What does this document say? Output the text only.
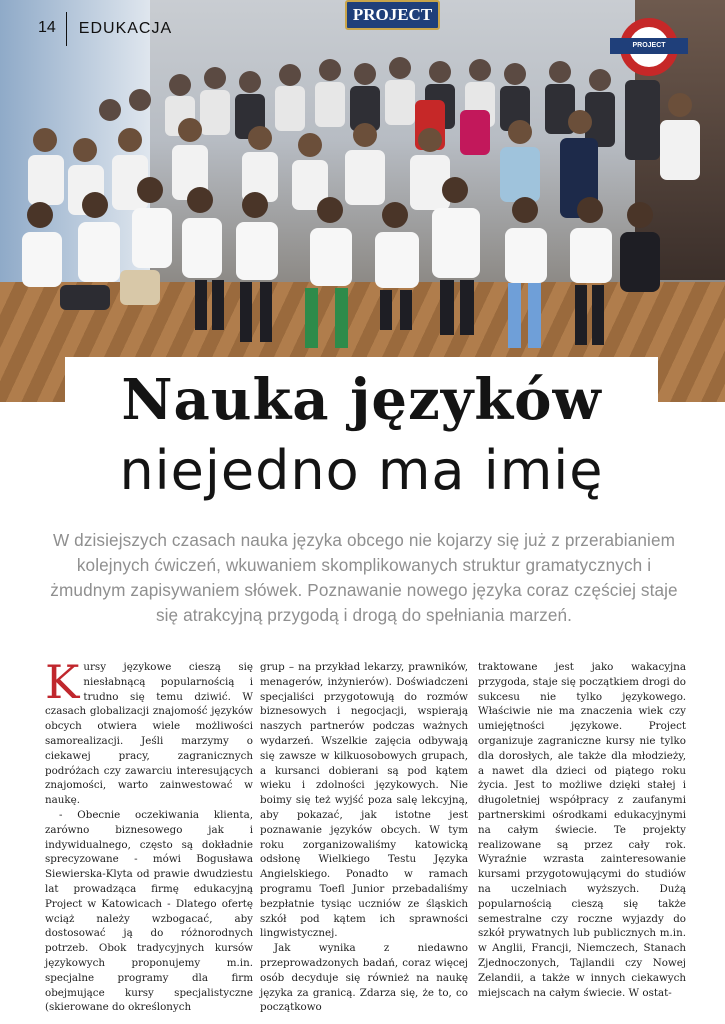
PROJECT
PROJECT
14	EDUKACJA
Nauka języków
niejedno ma imię

W dzisiejszych czasach nauka języka obcego nie kojarzy się już z przerabianiem kolejnych ćwiczeń, wkuwaniem skomplikowanych struktur gramatycznych i żmudnym zapisywaniem słówek. Poznawanie nowego języka coraz częściej staje się atrakcyjną przygodą i drogą do spełniania marzeń.

Kursy językowe cieszą się niesłabnącą popularnością i trudno się temu dziwić. W czasach globalizacji znajomość języków obcych otwiera wiele możliwości samorealizacji. Jeśli marzymy o ciekawej pracy, zagranicznych podróżach czy zawarciu interesujących znajomości, warto zainwestować w naukę.

- Obecnie oczekiwania klienta, zarówno biznesowego jak i indywidualnego, często są dokładnie sprecyzowane - mówi Bogusława Siewierska-Klyta od prawie dwudziestu lat prowadząca firmę edukacyjną Project w Katowicach - Dlatego ofertę wciąż należy wzbogacać, aby dostosować ją do różnorodnych potrzeb. Obok tradycyjnych kursów językowych proponujemy m.in. specjalne programy dla firm obejmujące kursy specjalistyczne (skierowane do określonych

grup – na przykład lekarzy, prawników, menagerów, inżynierów). Doświadczeni specjaliści przygotowują do rozmów biznesowych i negocjacji, wspierają naszych partnerów podczas ważnych wydarzeń. Wszelkie zajęcia odbywają się zawsze w kilkuosobowych grupach, a kursanci dobierani są pod kątem wieku i zdolności językowych. Nie boimy się też wyjść poza salę lekcyjną, aby pokazać, jak istotne jest poznawanie języków obcych. W tym roku zorganizowaliśmy katowicką odsłonę Wielkiego Testu Języka Angielskiego. Ponadto w ramach programu Toefl Junior przebadaliśmy bezpłatnie tysiąc uczniów ze śląskich szkół pod kątem ich sprawności lingwistycznej.

Jak wynika z niedawno przeprowadzonych badań, coraz więcej osób decyduje się również na naukę języka za granicą. Zdarza się, że to, co początkowo

traktowane jest jako wakacyjna przygoda, staje się początkiem drogi do sukcesu nie tylko językowego. Właściwie nie ma znaczenia wiek czy umiejętności językowe. Project organizuje zagraniczne kursy nie tylko dla dorosłych, ale także dla młodzieży, a nawet dla dzieci od piątego roku życia. Jest to możliwe dzięki stałej i długoletniej współpracy z zaufanymi partnerskimi ośrodkami edukacyjnymi na całym świecie. Te projekty realizowane są przez cały rok. Wyraźnie wzrasta zainteresowanie kursami przygotowującymi do studiów na uczelniach wyższych. Dużą popularnością cieszą się także semestralne czy roczne wyjazdy do szkół prywatnych lub publicznych m.in. w Anglii, Francji, Niemczech, Stanach Zjednoczonych, Tajlandii czy Nowej Zelandii, a także w innych ciekawych miejscach na całym świecie. W ostat-
